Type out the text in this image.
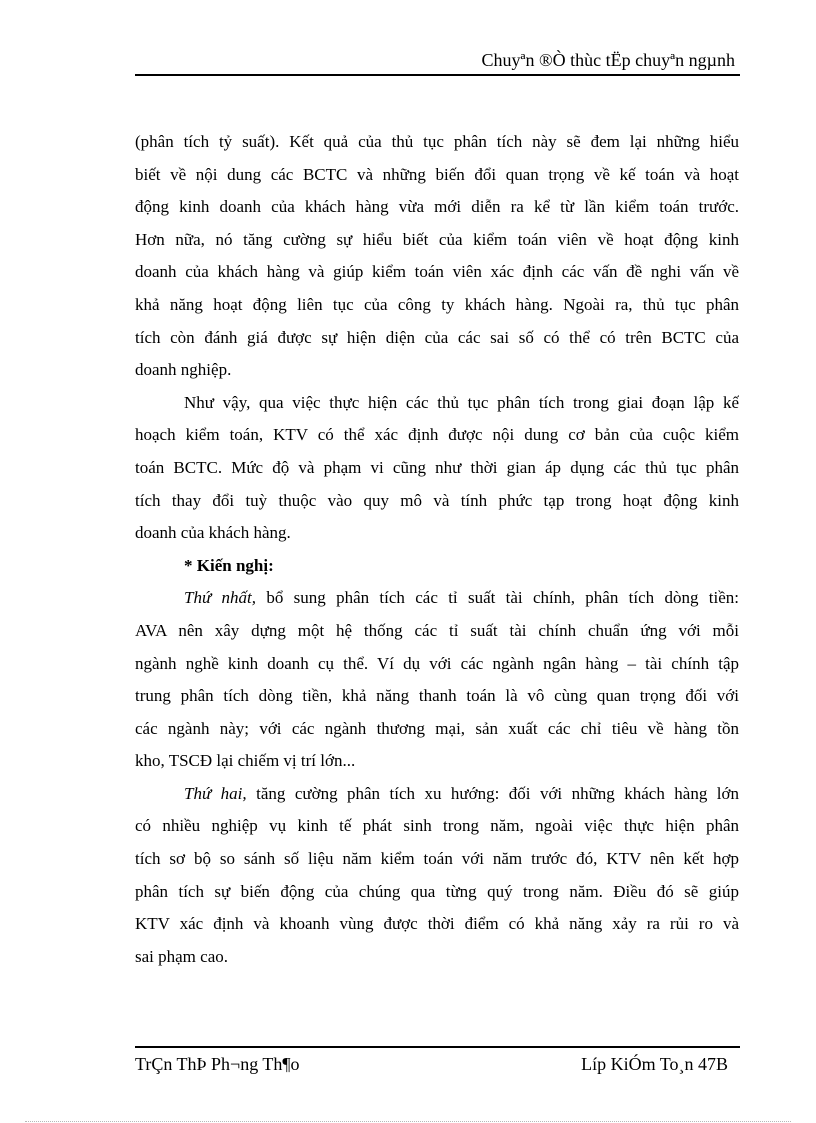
Chuyªn ®Ò thùc tËp chuyªn ngµnh
(phân tích tỷ suất). Kết quả của thủ tục phân tích này sẽ đem lại những hiểu
biết về nội dung các BCTC và những biến đổi quan trọng về kế toán và hoạt
động kinh doanh của khách hàng vừa mới diễn ra kể từ lần kiểm toán trước.
Hơn nữa, nó tăng cường sự hiểu biết của kiểm toán viên về hoạt động kinh
doanh của khách hàng và giúp kiểm toán viên xác định các vấn đề nghi vấn về
khả năng hoạt động liên tục của công ty khách hàng. Ngoài ra, thủ tục phân
tích còn đánh giá được sự hiện diện của các sai số có thể có trên BCTC của
doanh nghiệp.
Như vậy, qua việc thực hiện các thủ tục phân tích trong giai đoạn lập kế
hoạch kiểm toán, KTV có thể xác định được nội dung cơ bản của cuộc kiểm
toán BCTC. Mức độ và phạm vi cũng như thời gian áp dụng các thủ tục phân
tích thay đổi tuỳ thuộc vào quy mô và tính phức tạp trong hoạt động kinh
doanh của khách hàng.
* Kiến nghị:
Thứ nhất, bổ sung phân tích các tỉ suất tài chính, phân tích dòng tiền:
AVA nên xây dựng một hệ thống các tỉ suất tài chính chuẩn ứng với mỗi
ngành nghề kinh doanh cụ thể. Ví dụ với các ngành ngân hàng – tài chính tập
trung phân tích dòng tiền, khả năng thanh toán là vô cùng quan trọng đối với
các ngành này; với các ngành thương mại, sản xuất các chỉ tiêu về hàng tồn
kho, TSCĐ lại chiếm vị trí lớn...
Thứ hai, tăng cường phân tích xu hướng: đối với những khách hàng lớn
có nhiều nghiệp vụ kinh tế phát sinh trong năm, ngoài việc thực hiện phân
tích sơ bộ so sánh số liệu năm kiểm toán với năm trước đó, KTV nên kết hợp
phân tích sự biến động của chúng qua từng quý trong năm. Điều đó sẽ giúp
KTV xác định và khoanh vùng được thời điểm có khả năng xảy ra rủi ro và
sai phạm cao.
TrÇn ThÞ Ph¬ng Th¶o	Líp KiÓm To¸n 47B
